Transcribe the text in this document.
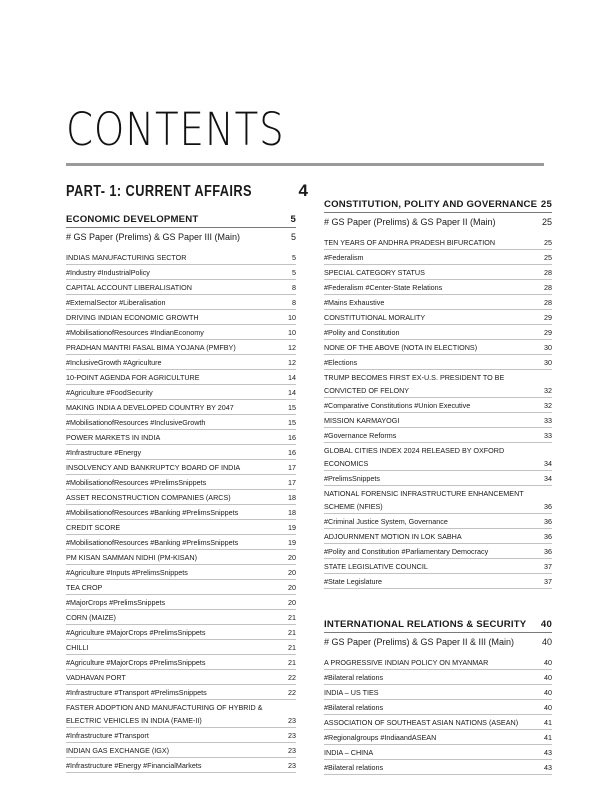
CONTENTS
PART- 1: CURRENT AFFAIRS	4
ECONOMIC DEVELOPMENT	5
# GS Paper (Prelims) & GS Paper III (Main)	5
INDIAS MANUFACTURING SECTOR	5
#Industry #IndustrialPolicy	5
CAPITAL ACCOUNT LIBERALISATION	8
#ExternalSector #Liberalisation	8
DRIVING INDIAN ECONOMIC GROWTH	10
#MobilisationofResources #IndianEconomy	10
PRADHAN MANTRI FASAL BIMA YOJANA (PMFBY)	12
#InclusiveGrowth #Agriculture	12
10-POINT AGENDA FOR AGRICULTURE	14
#Agriculture #FoodSecurity	14
MAKING INDIA A DEVELOPED COUNTRY BY 2047	15
#MobilisationofResources #InclusiveGrowth	15
POWER MARKETS IN INDIA	16
#Infrastructure #Energy	16
INSOLVENCY AND BANKRUPTCY BOARD OF INDIA	17
#MobilisationofResources #PrelimsSnippets	17
ASSET RECONSTRUCTION COMPANIES (ARCS)	18
#MobilisationofResources #Banking #PrelimsSnippets	18
CREDIT SCORE	19
#MobilisationofResources #Banking #PrelimsSnippets	19
PM KISAN SAMMAN NIDHI (PM-KISAN)	20
#Agriculture #Inputs #PrelimsSnippets	20
TEA CROP	20
#MajorCrops #PrelimsSnippets	20
CORN (MAIZE)	21
#Agriculture #MajorCrops #PrelimsSnippets	21
CHILLI	21
#Agriculture #MajorCrops #PrelimsSnippets	21
VADHAVAN PORT	22
#Infrastructure #Transport #PrelimsSnippets	22
FASTER ADOPTION AND MANUFACTURING OF HYBRID & ELECTRIC VEHICLES IN INDIA (FAME-II)	23
#Infrastructure #Transport	23
INDIAN GAS EXCHANGE (IGX)	23
#Infrastructure #Energy #FinancialMarkets	23
CONSTITUTION, POLITY AND GOVERNANCE 25
# GS Paper (Prelims) & GS Paper II (Main)	25
TEN YEARS OF ANDHRA PRADESH BIFURCATION	25
#Federalism	25
SPECIAL CATEGORY STATUS	28
#Federalism #Center-State Relations	28
#Mains Exhaustive	28
CONSTITUTIONAL MORALITY	29
#Polity and Constitution	29
NONE OF THE ABOVE (NOTA IN ELECTIONS)	30
#Elections	30
TRUMP BECOMES FIRST EX-U.S. PRESIDENT TO BE CONVICTED OF FELONY	32
#Comparative Constitutions #Union Executive	32
MISSION KARMAYOGI	33
#Governance Reforms	33
GLOBAL CITIES INDEX 2024 RELEASED BY OXFORD ECONOMICS	34
#PrelimsSnippets	34
NATIONAL FORENSIC INFRASTRUCTURE ENHANCEMENT SCHEME (NFIES)	36
#Criminal Justice System, Governance	36
ADJOURNMENT MOTION IN LOK SABHA	36
#Polity and Constitution #Parliamentary Democracy	36
STATE LEGISLATIVE COUNCIL	37
#State Legislature	37
INTERNATIONAL RELATIONS & SECURITY 40
# GS Paper (Prelims) & GS Paper II & III (Main)	40
A PROGRESSIVE INDIAN POLICY ON MYANMAR	40
#Bilateral relations	40
INDIA – US TIES	40
#Bilateral relations	40
ASSOCIATION OF SOUTHEAST ASIAN NATIONS (ASEAN)	41
#Regionalgroups #IndiaandASEAN	41
INDIA – CHINA	43
#Bilateral relations	43
